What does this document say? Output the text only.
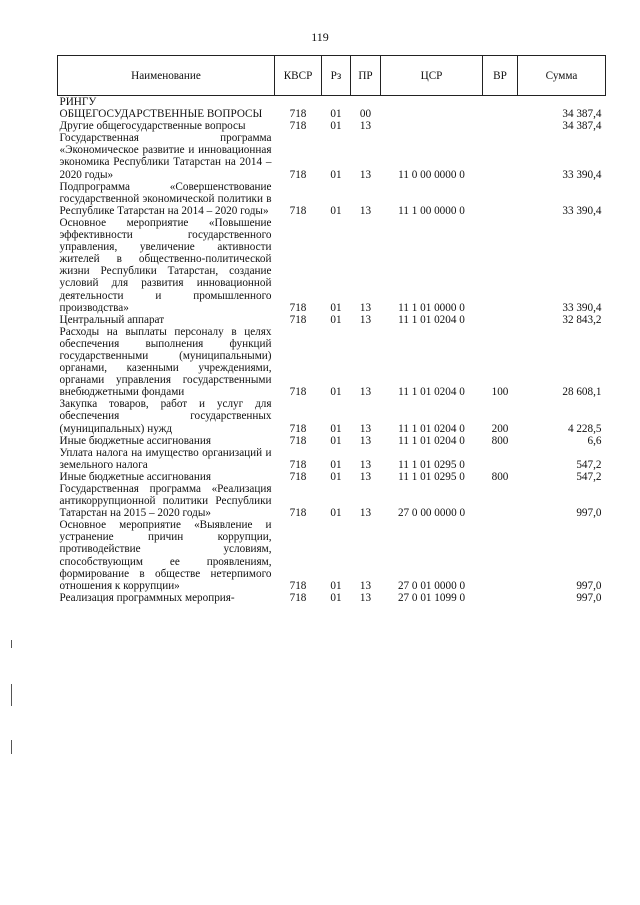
119
Наименование	КВСР	Рз	ПР	ЦСР	ВР	Сумма
РИНГУ						
ОБЩЕГОСУДАРСТВЕННЫЕ ВОПРОСЫ	718	01	00			34 387,4
Другие общегосударственные вопросы	718	01	13			34 387,4
Государственная программа «Экономическое развитие и инновационная экономика Республики Татарстан на 2014 – 2020 годы»	718	01	13	11 0 00 0000 0		33 390,4
Подпрограмма «Совершенствование государственной экономической политики в Республике Татарстан на 2014 – 2020 годы»	718	01	13	11 1 00 0000 0		33 390,4
Основное мероприятие «Повышение эффективности государственного управления, увеличение активности жителей в общественно-политической жизни Республики Татарстан, создание условий для развития инновационной деятельности и промышленного производства»	718	01	13	11 1 01 0000 0		33 390,4
Центральный аппарат	718	01	13	11 1 01 0204 0		32 843,2
Расходы на выплаты персоналу в целях обеспечения выполнения функций государственными (муниципальными) органами, казенными учреждениями, органами управления государственными внебюджетными фондами	718	01	13	11 1 01 0204 0	100	28 608,1
Закупка товаров, работ и услуг для обеспечения государственных (муниципальных) нужд	718	01	13	11 1 01 0204 0	200	4 228,5
Иные бюджетные ассигнования	718	01	13	11 1 01 0204 0	800	6,6
Уплата налога на имущество организаций и земельного налога	718	01	13	11 1 01 0295 0		547,2
Иные бюджетные ассигнования	718	01	13	11 1 01 0295 0	800	547,2
Государственная программа «Реализация антикоррупционной политики Республики Татарстан на 2015 – 2020 годы»	718	01	13	27 0 00 0000 0		997,0
Основное мероприятие «Выявление и устранение причин коррупции, противодействие условиям, способствующим ее проявлениям, формирование в обществе нетерпимого отношения к коррупции»	718	01	13	27 0 01 0000 0		997,0
Реализация программных мероприя-	718	01	13	27 0 01 1099 0		997,0
